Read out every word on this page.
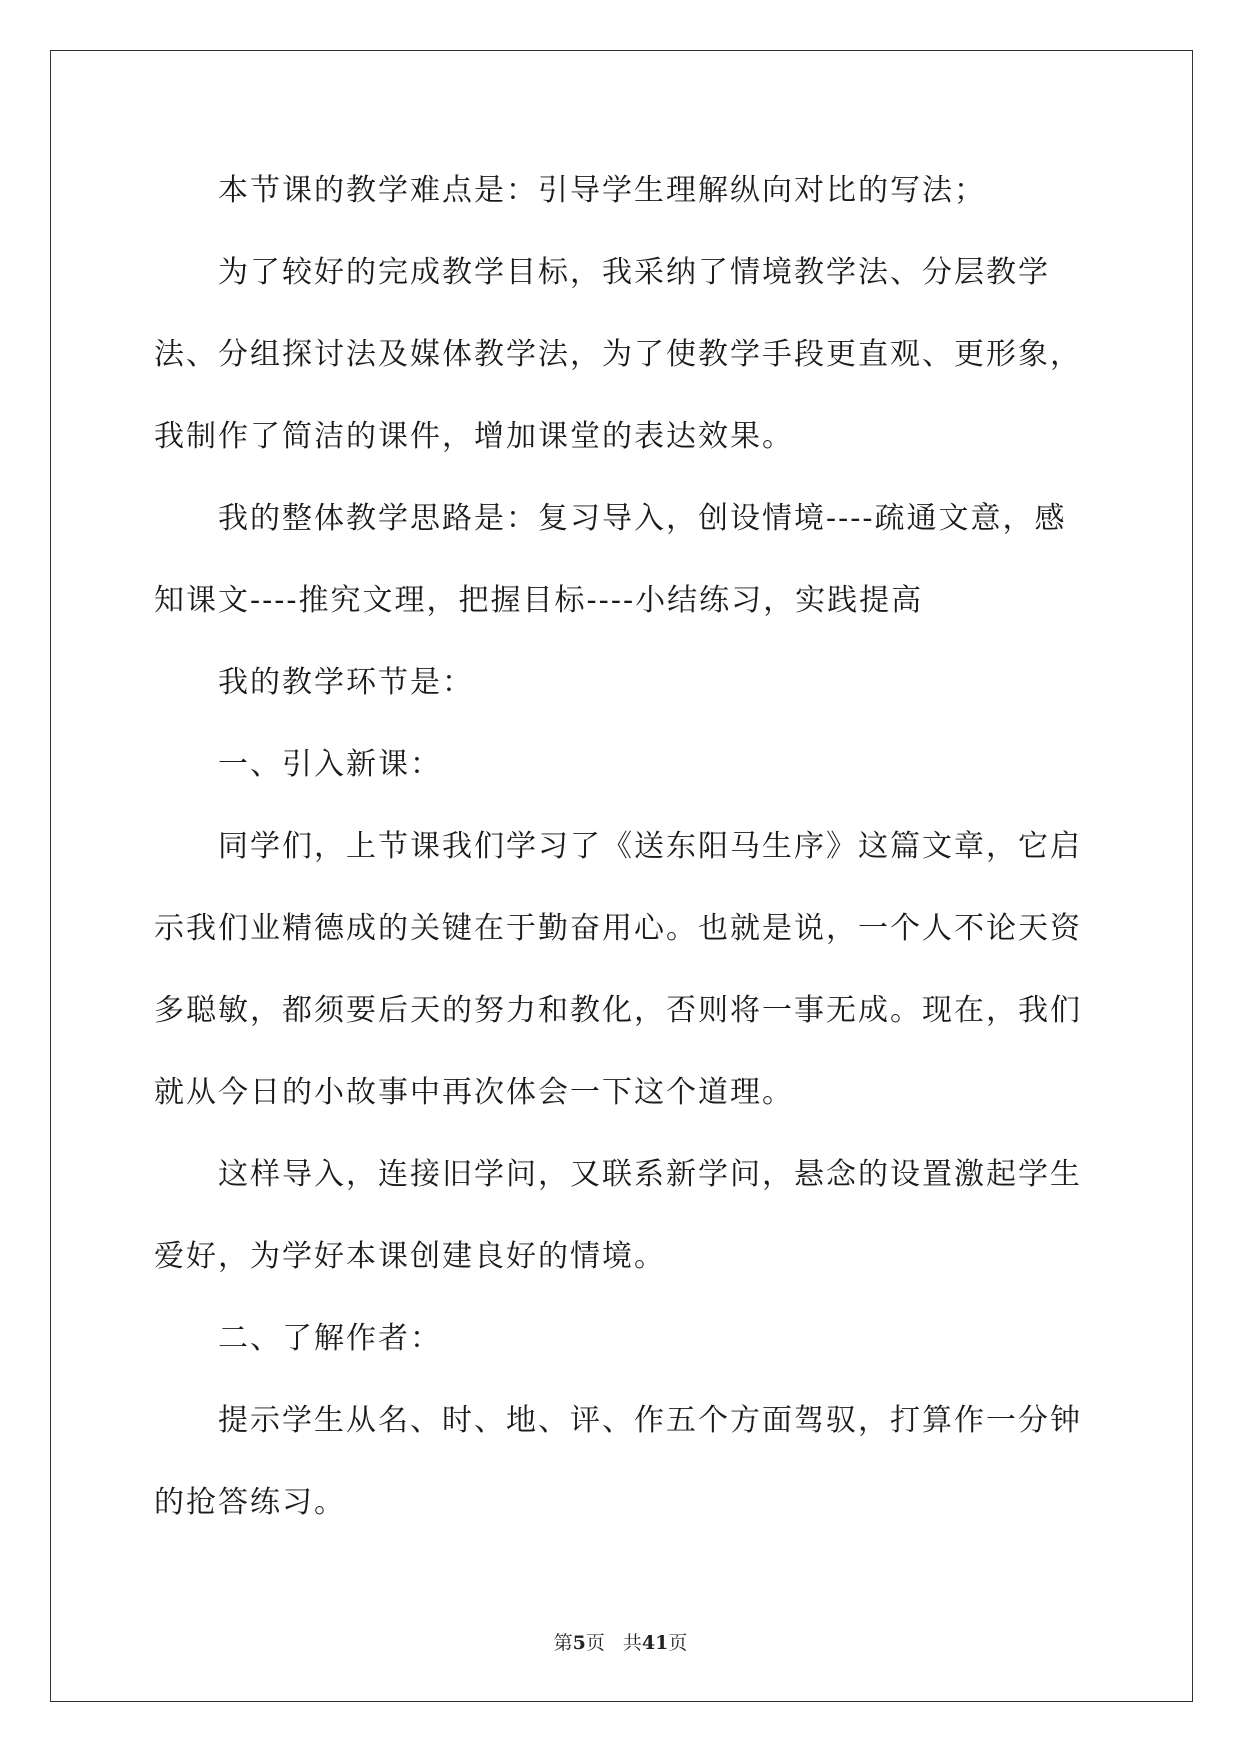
本节课的教学难点是：引导学生理解纵向对比的写法；

为了较好的完成教学目标，我采纳了情境教学法、分层教学法、分组探讨法及媒体教学法，为了使教学手段更直观、更形象，我制作了简洁的课件，增加课堂的表达效果。

我的整体教学思路是：复习导入，创设情境----疏通文意，感知课文----推究文理，把握目标----小结练习，实践提高

我的教学环节是：

一、引入新课：

同学们，上节课我们学习了《送东阳马生序》这篇文章，它启示我们业精德成的关键在于勤奋用心。也就是说，一个人不论天资多聪敏，都须要后天的努力和教化，否则将一事无成。现在，我们就从今日的小故事中再次体会一下这个道理。

这样导入，连接旧学问，又联系新学问，悬念的设置激起学生爱好，为学好本课创建良好的情境。

二、了解作者：

提示学生从名、时、地、评、作五个方面驾驭，打算作一分钟的抢答练习。

第5页 共41页
